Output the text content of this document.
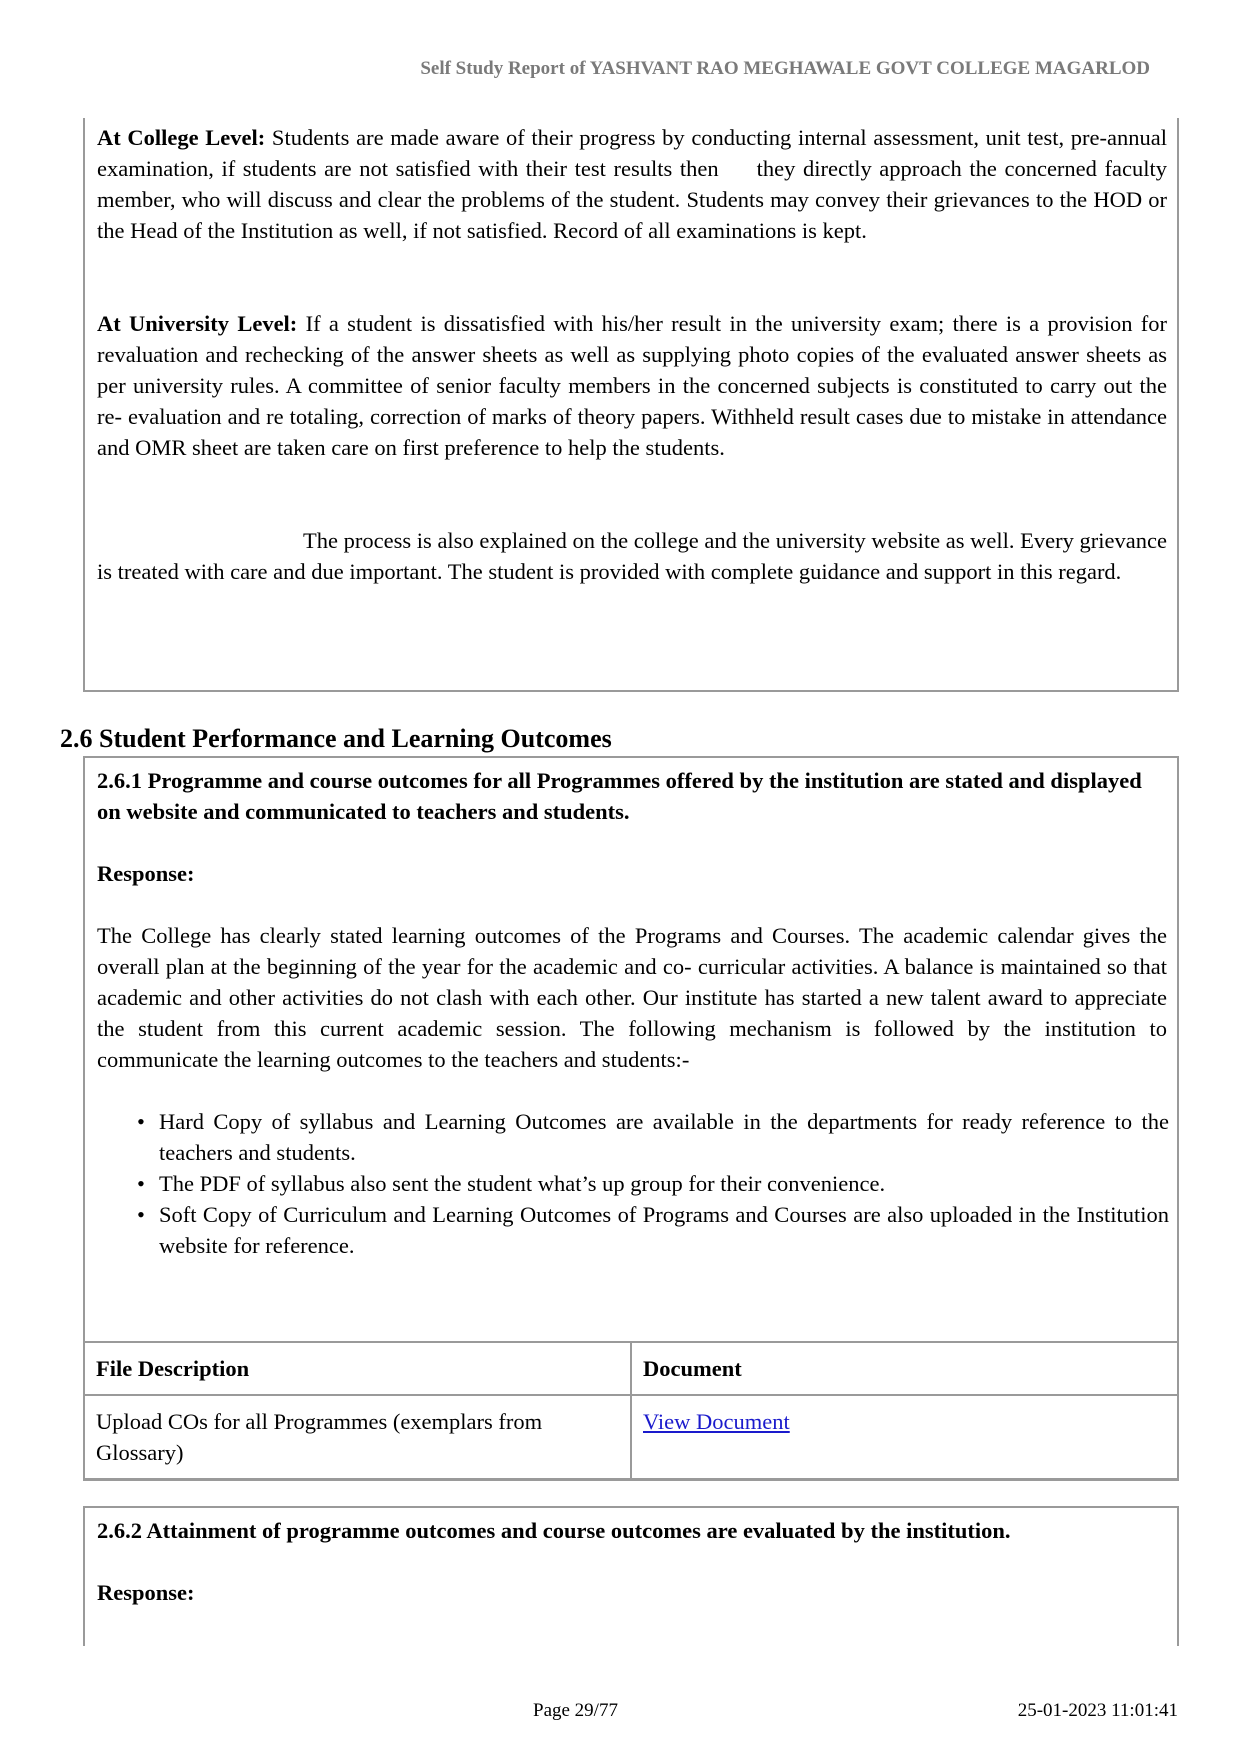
Self Study Report of YASHVANT RAO MEGHAWALE GOVT COLLEGE MAGARLOD

At College Level: Students are made aware of their progress by conducting internal assessment, unit test, pre-annual examination, if students are not satisfied with their test results then     they directly approach the concerned faculty member, who will discuss and clear the problems of the student. Students may convey their grievances to the HOD or the Head of the Institution as well, if not satisfied. Record of all examinations is kept.

At University Level: If a student is dissatisfied with his/her result in the university exam; there is a provision for revaluation and rechecking of the answer sheets as well as supplying photo copies of the evaluated answer sheets as per university rules. A committee of senior faculty members in the concerned subjects is constituted to carry out the re- evaluation and re totaling, correction of marks of theory papers. Withheld result cases due to mistake in attendance and OMR sheet are taken care on first preference to help the students.

The process is also explained on the college and the university website as well. Every grievance is treated with care and due important. The student is provided with complete guidance and support in this regard.

2.6 Student Performance and Learning Outcomes

2.6.1 Programme and course outcomes for all Programmes offered by the institution are stated and displayed on website and communicated to teachers and students.

Response:

The College has clearly stated learning outcomes of the Programs and Courses. The academic calendar gives the overall plan at the beginning of the year for the academic and co- curricular activities. A balance is maintained so that academic and other activities do not clash with each other. Our institute has started a new talent award to appreciate the student from this current academic session. The following mechanism is followed by the institution to communicate the learning outcomes to the teachers and students:-

• Hard Copy of syllabus and Learning Outcomes are available in the departments for ready reference to the teachers and students.
• The PDF of syllabus also sent the student what’s up group for their convenience.
• Soft Copy of Curriculum and Learning Outcomes of Programs and Courses are also uploaded in the Institution website for reference.
File Description	Document
Upload COs for all Programmes (exemplars from Glossary)	View Document

2.6.2 Attainment of programme outcomes and course outcomes are evaluated by the institution.

Response:

Page 29/77	25-01-2023 11:01:41
